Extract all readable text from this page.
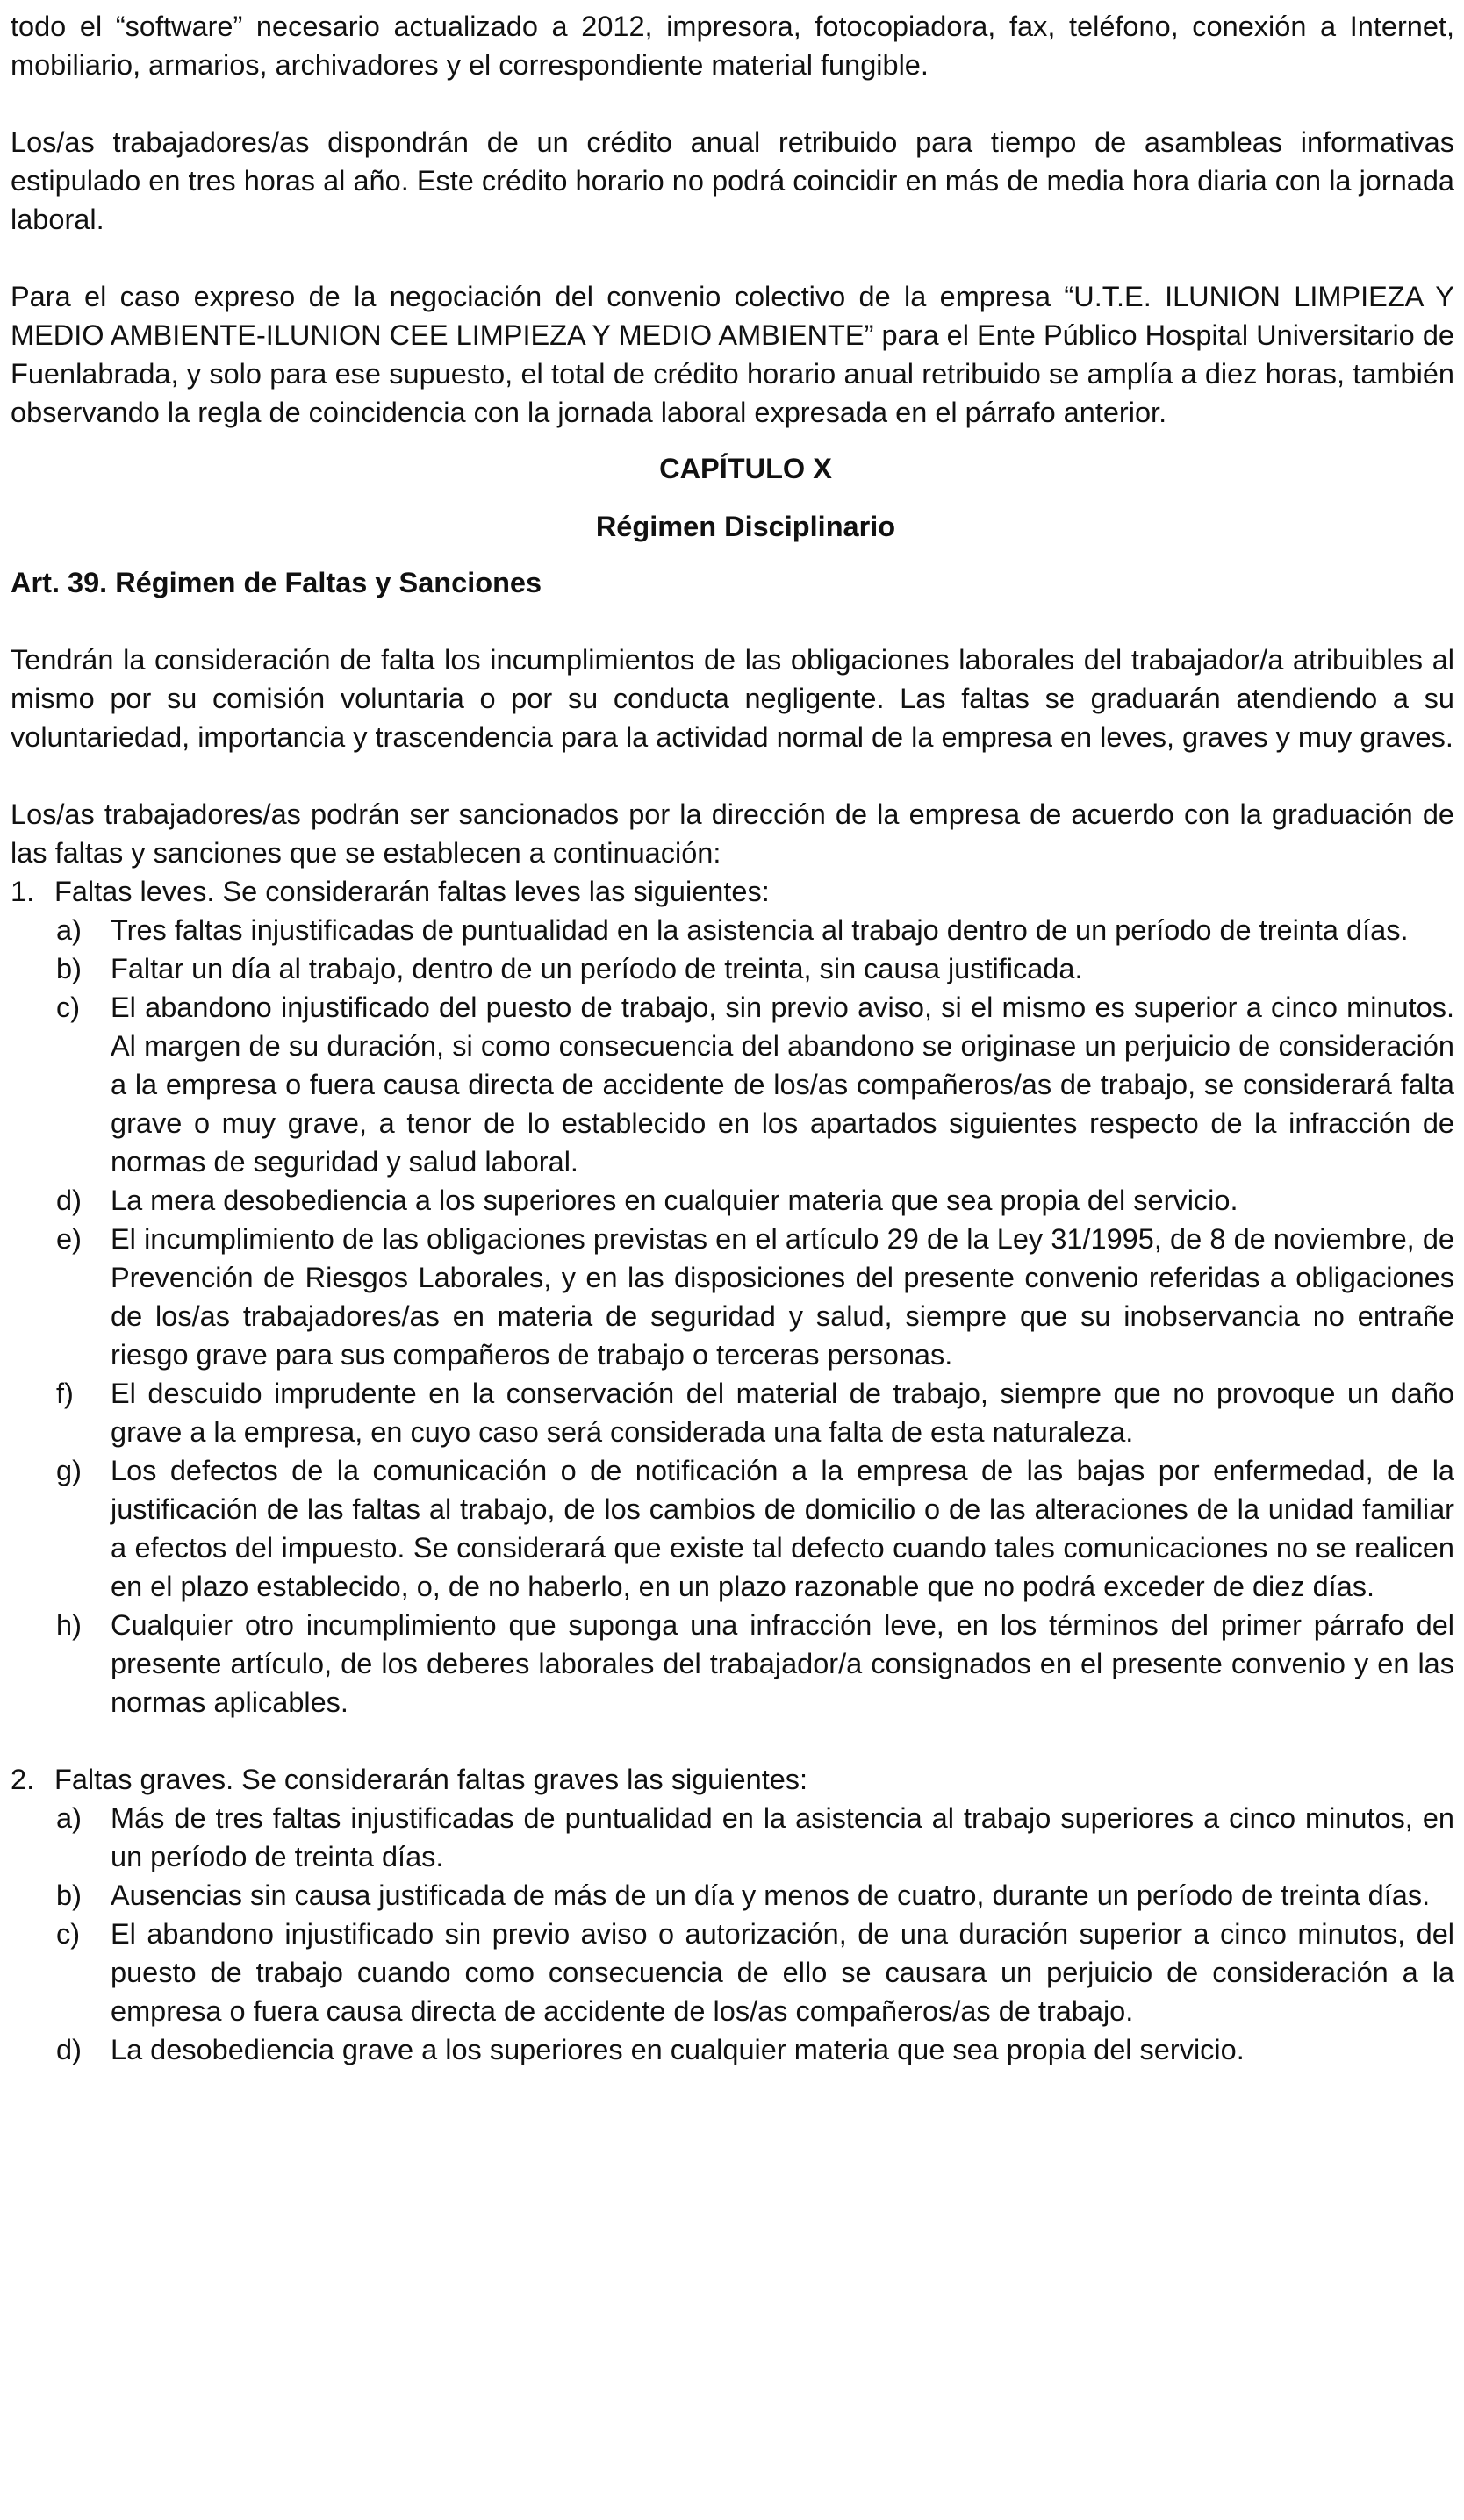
todo el “software” necesario actualizado a 2012, impresora, fotocopiadora, fax, teléfono, conexión a Internet, mobiliario, armarios, archivadores y el correspondiente material fungible.

Los/as trabajadores/as dispondrán de un crédito anual retribuido para tiempo de asambleas informativas estipulado en tres horas al año. Este crédito horario no podrá coincidir en más de media hora diaria con la jornada laboral.

Para el caso expreso de la negociación del convenio colectivo de la empresa “U.T.E. ILUNION LIMPIEZA Y MEDIO AMBIENTE-ILUNION CEE LIMPIEZA Y MEDIO AMBIENTE” para el Ente Público Hospital Universitario de Fuenlabrada, y solo para ese supuesto, el total de crédito horario anual retribuido se amplía a diez horas, también observando la regla de coincidencia con la jornada laboral expresada en el párrafo anterior.

CAPÍTULO X

Régimen Disciplinario

Art. 39. Régimen de Faltas y Sanciones

Tendrán la consideración de falta los incumplimientos de las obligaciones laborales del trabajador/a atribuibles al mismo por su comisión voluntaria o por su conducta negligente. Las faltas se graduarán atendiendo a su voluntariedad, importancia y trascendencia para la actividad normal de la empresa en leves, graves y muy graves.

Los/as trabajadores/as podrán ser sancionados por la dirección de la empresa de acuerdo con la graduación de las faltas y sanciones que se establecen a continuación:

1. Faltas leves. Se considerarán faltas leves las siguientes:
a)	Tres faltas injustificadas de puntualidad en la asistencia al trabajo dentro de un período de treinta días.
b)	Faltar un día al trabajo, dentro de un período de treinta, sin causa justificada.
c)	El abandono injustificado del puesto de trabajo, sin previo aviso, si el mismo es superior a cinco minutos. Al margen de su duración, si como consecuencia del abandono se originase un perjuicio de consideración a la empresa o fuera causa directa de accidente de los/as compañeros/as de trabajo, se considerará falta grave o muy grave, a tenor de lo establecido en los apartados siguientes respecto de la infracción de normas de seguridad y salud laboral.
d)	La mera desobediencia a los superiores en cualquier materia que sea propia del servicio.
e)	El incumplimiento de las obligaciones previstas en el artículo 29 de la Ley 31/1995, de 8 de noviembre, de Prevención de Riesgos Laborales, y en las disposiciones del presente convenio referidas a obligaciones de los/as trabajadores/as en materia de seguridad y salud, siempre que su inobservancia no entrañe riesgo grave para sus compañeros de trabajo o terceras personas.
f)	El descuido imprudente en la conservación del material de trabajo, siempre que no provoque un daño grave a la empresa, en cuyo caso será considerada una falta de esta naturaleza.
g)	Los defectos de la comunicación o de notificación a la empresa de las bajas por enfermedad, de la justificación de las faltas al trabajo, de los cambios de domicilio o de las alteraciones de la unidad familiar a efectos del impuesto. Se considerará que existe tal defecto cuando tales comunicaciones no se realicen en el plazo establecido, o, de no haberlo, en un plazo razonable que no podrá exceder de diez días.
h)	Cualquier otro incumplimiento que suponga una infracción leve, en los términos del primer párrafo del presente artículo, de los deberes laborales del trabajador/a consignados en el presente convenio y en las normas aplicables.
2. Faltas graves. Se considerarán faltas graves las siguientes:
a)	Más de tres faltas injustificadas de puntualidad en la asistencia al trabajo superiores a cinco minutos, en un período de treinta días.
b)	Ausencias sin causa justificada de más de un día y menos de cuatro, durante un período de treinta días.
c)	El abandono injustificado sin previo aviso o autorización, de una duración superior a cinco minutos, del puesto de trabajo cuando como consecuencia de ello se causara un perjuicio de consideración a la empresa o fuera causa directa de accidente de los/as compañeros/as de trabajo.
d)	La desobediencia grave a los superiores en cualquier materia que sea propia del servicio.
